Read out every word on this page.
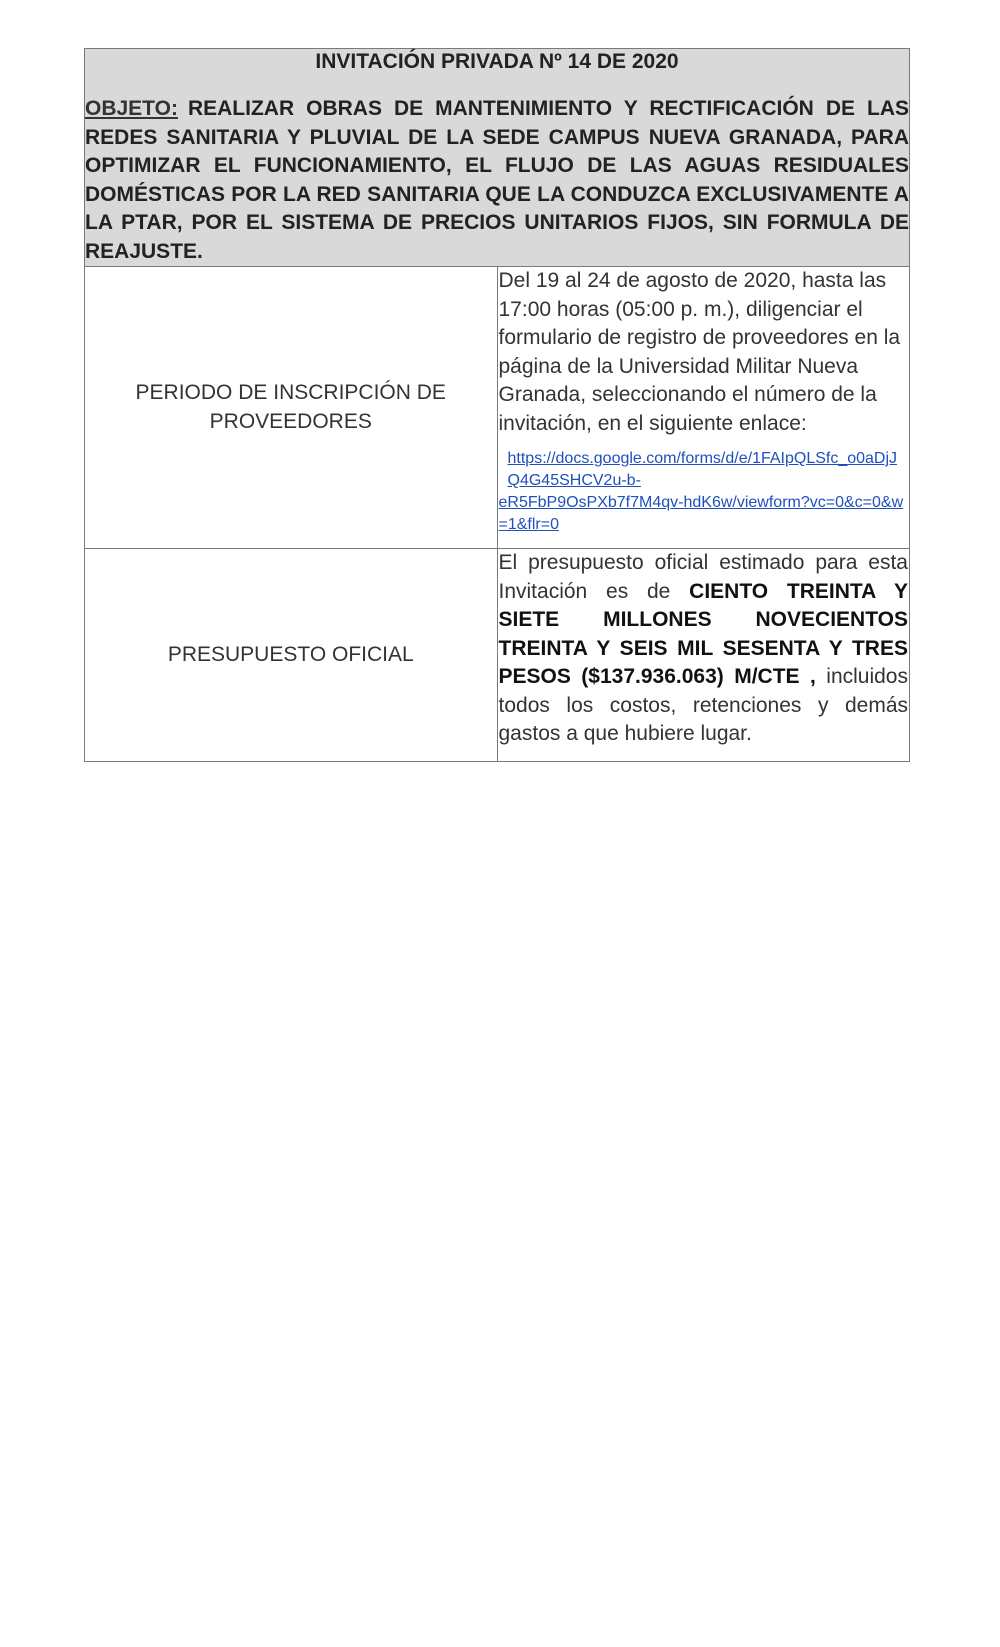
INVITACIÓN PRIVADA Nº 14 DE 2020

OBJETO: REALIZAR OBRAS DE MANTENIMIENTO Y RECTIFICACIÓN DE LAS REDES SANITARIA Y PLUVIAL DE LA SEDE CAMPUS NUEVA GRANADA, PARA OPTIMIZAR EL FUNCIONAMIENTO, EL FLUJO DE LAS AGUAS RESIDUALES DOMÉSTICAS POR LA RED SANITARIA QUE LA CONDUZCA EXCLUSIVAMENTE A LA PTAR, POR EL SISTEMA DE PRECIOS UNITARIOS FIJOS, SIN FORMULA DE REAJUSTE.	

PERIODO DE INSCRIPCIÓN DE PROVEEDORES	Del 19 al 24 de agosto de 2020, hasta las 17:00 horas (05:00 p. m.), diligenciar el formulario de registro de proveedores en la página de la Universidad Militar Nueva Granada, seleccionando el número de la invitación, en el siguiente enlace:

https://docs.google.com/forms/d/e/1FAIpQLSfc_o0aDjJQ4G45SHCV2u-b-
eR5FbP9OsPXb7f7M4qv-hdK6w/viewform?vc=0&c=0&w=1&flr=0

PRESUPUESTO OFICIAL	El presupuesto oficial estimado para esta Invitación es de CIENTO TREINTA Y SIETE MILLONES NOVECIENTOS TREINTA Y SEIS MIL SESENTA Y TRES PESOS ($137.936.063) M/CTE , incluidos todos los costos, retenciones y demás gastos a que hubiere lugar.
